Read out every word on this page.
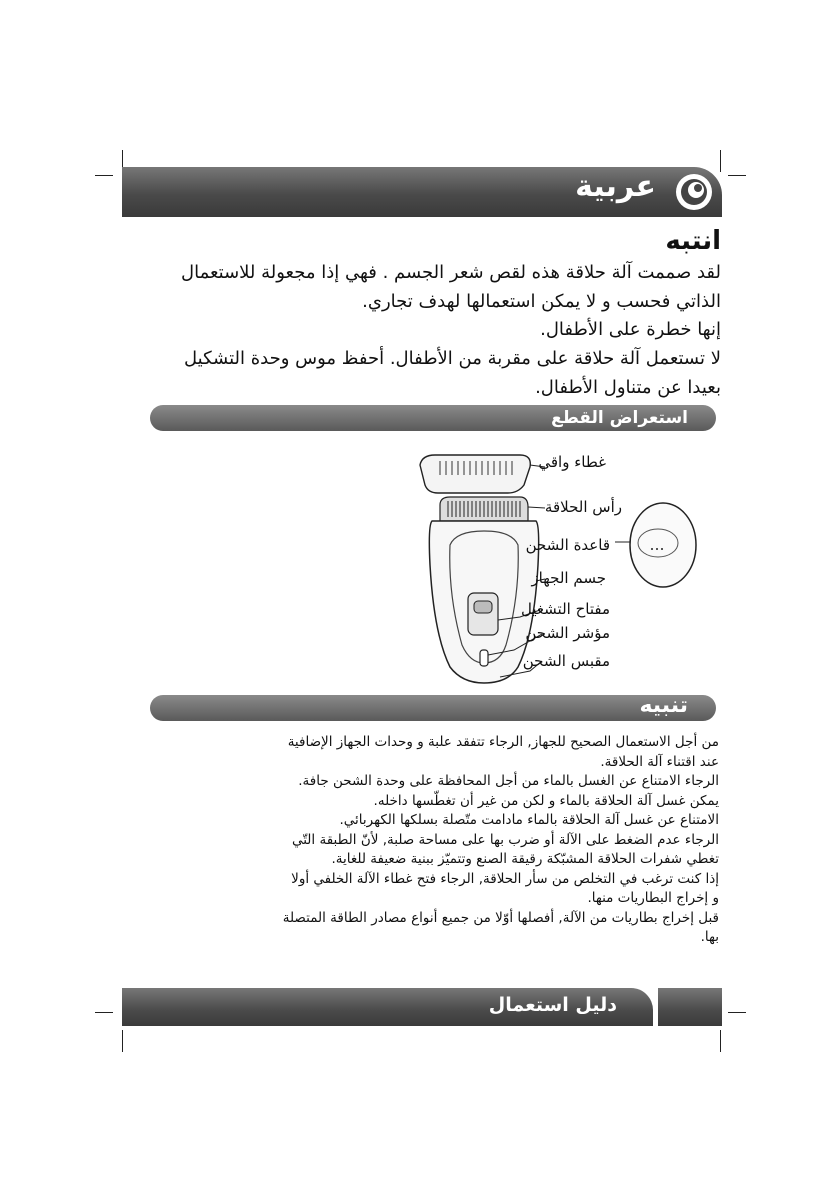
عربية
انتبه
لقد صممت آلة حلاقة هذه لقص شعر الجسم . فهي إذا مجعولة للاستعمال
الذاتي فحسب و لا يمكن استعمالها لهدف تجاري.
إنها خطرة على الأطفال.
لا تستعمل آلة حلاقة على مقربة من الأطفال. أحفظ موس وحدة التشكيل
بعيدا عن متناول الأطفال.
استعراض القطع
غطاء واقي
رأس الحلاقة
قاعدة الشحن
جسم الجهاز
مفتاح التشغيل
مؤشر الشحن
مقبس الشحن
تنبيه
من أجل الاستعمال الصحيح للجهاز, الرجاء تتفقد علبة و وحدات الجهاز الإضافية
عند اقتناء آلة الحلاقة.
الرجاء الامتناع عن الغسل بالماء من أجل المحافظة على وحدة الشحن جافة.
يمكن غسل آلة الحلاقة بالماء و لكن من غير أن تغطّسها داخله.
الامتناع عن غسل آلة الحلاقة بالماء مادامت متّصلة بسلكها الكهربائي.
الرجاء عدم الضغط على الآلة أو ضرب بها على مساحة صلبة, لأنّ الطبقة التّي
تغطي شفرات الحلاقة المشبّكة رقيقة الصنع وتتميّز ببنية ضعيفة للغاية.
إذا كنت ترغب في التخلص من سأر الحلاقة, الرجاء فتح غطاء الآلة الخلفي أولا
و إخراج البطاريات منها.
قبل إخراج بطاريات من الآلة, أفصلها أوّلا من جميع أنواع مصادر الطاقة المتصلة
بها.
دليل استعمال
